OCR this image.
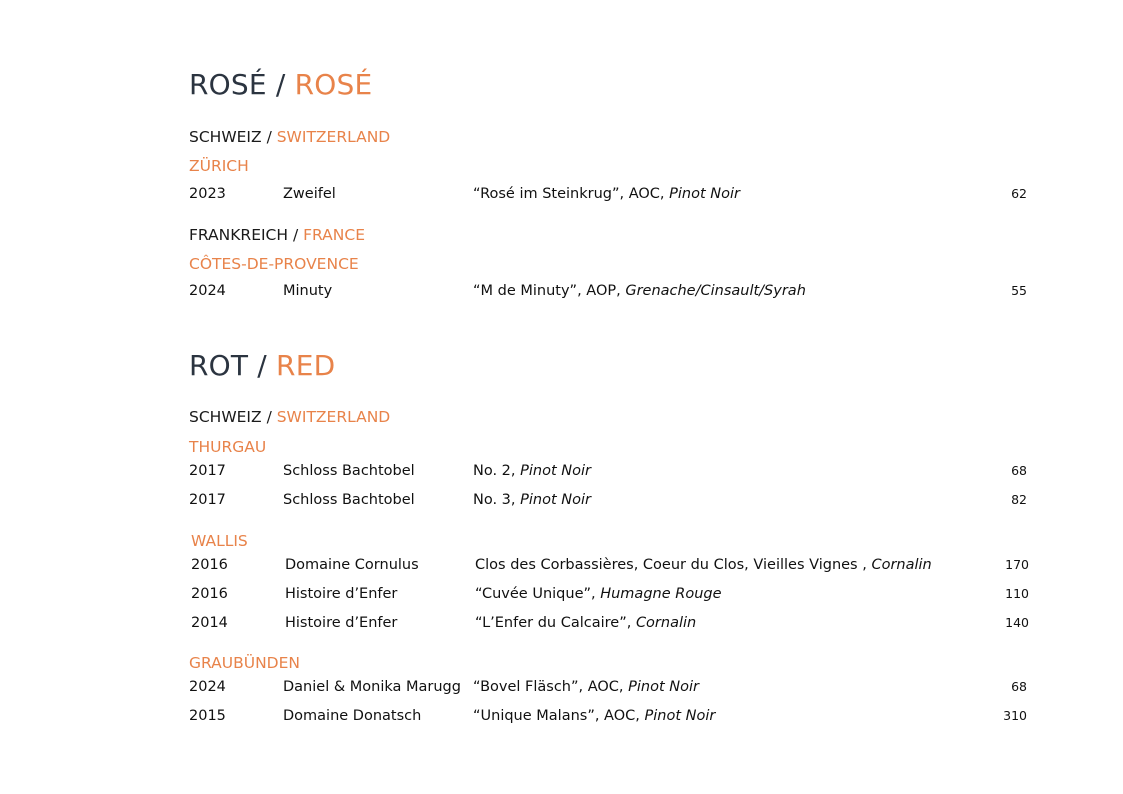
ROSÉ / ROSÉ
SCHWEIZ / SWITZERLAND
ZÜRICH
2023	Zweifel	“Rosé im Steinkrug”, AOC, Pinot Noir	62
FRANKREICH / FRANCE
CÔTES-DE-PROVENCE
2024	Minuty	“M de Minuty”, AOP, Grenache/Cinsault/Syrah	55
ROT / RED
SCHWEIZ / SWITZERLAND
THURGAU
2017	Schloss Bachtobel	No. 2, Pinot Noir	68
2017	Schloss Bachtobel	No. 3, Pinot Noir	82
WALLIS
2016	Domaine Cornulus	Clos des Corbassières, Coeur du Clos, Vieilles Vignes , Cornalin	170
2016	Histoire d’Enfer	“Cuvée Unique”, Humagne Rouge	110
2014	Histoire d’Enfer	“L’Enfer du Calcaire”, Cornalin	140
GRAUBÜNDEN
2024	Daniel & Monika Marugg “Bovel Fläsch”, AOC, Pinot Noir	68
2015	Domaine Donatsch	“Unique Malans”, AOC, Pinot Noir	310
